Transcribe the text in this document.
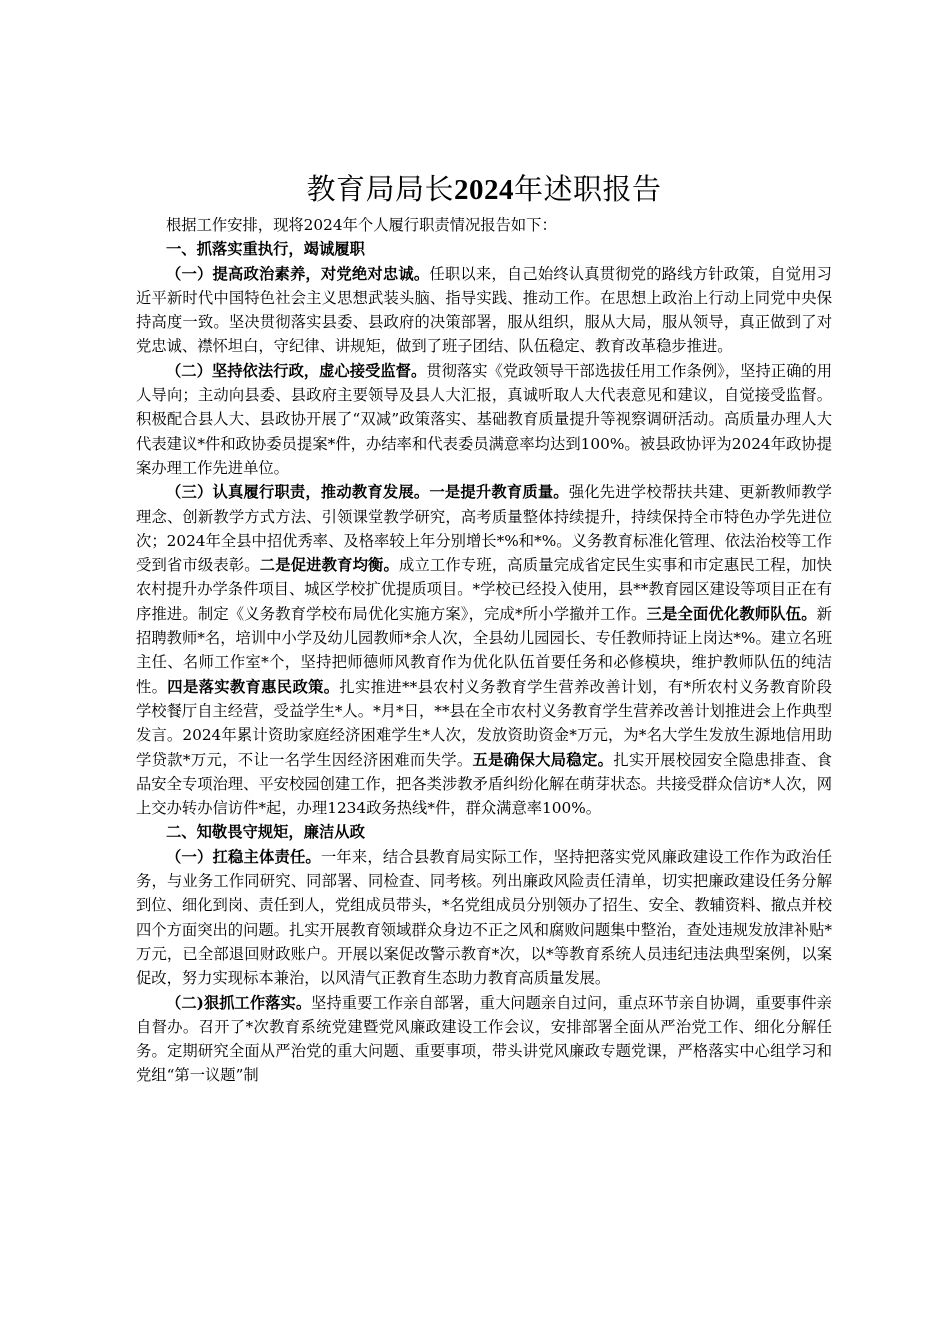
教育局局长2024年述职报告

根据工作安排，现将2024年个人履行职责情况报告如下：

一、抓落实重执行，竭诚履职

（一）提高政治素养，对党绝对忠诚。任职以来，自己始终认真贯彻党的路线方针政策，自觉用习近平新时代中国特色社会主义思想武装头脑、指导实践、推动工作。在思想上政治上行动上同党中央保持高度一致。坚决贯彻落实县委、县政府的决策部署，服从组织，服从大局，服从领导，真正做到了对党忠诚、襟怀坦白，守纪律、讲规矩，做到了班子团结、队伍稳定、教育改革稳步推进。

（二）坚持依法行政，虚心接受监督。贯彻落实《党政领导干部选拔任用工作条例》，坚持正确的用人导向；主动向县委、县政府主要领导及县人大汇报，真诚听取人大代表意见和建议，自觉接受监督。积极配合县人大、县政协开展了“双减”政策落实、基础教育质量提升等视察调研活动。高质量办理人大代表建议*件和政协委员提案*件，办结率和代表委员满意率均达到100%。被县政协评为2024年政协提案办理工作先进单位。

（三）认真履行职责，推动教育发展。一是提升教育质量。强化先进学校帮扶共建、更新教师教学理念、创新教学方式方法、引领课堂教学研究，高考质量整体持续提升，持续保持全市特色办学先进位次；2024年全县中招优秀率、及格率较上年分别增长*%和*%。义务教育标准化管理、依法治校等工作受到省市级表彰。二是促进教育均衡。成立工作专班，高质量完成省定民生实事和市定惠民工程，加快农村提升办学条件项目、城区学校扩优提质项目。*学校已经投入使用，县**教育园区建设等项目正在有序推进。制定《义务教育学校布局优化实施方案》，完成*所小学撤并工作。三是全面优化教师队伍。新招聘教师*名，培训中小学及幼儿园教师*余人次，全县幼儿园园长、专任教师持证上岗达*%。建立名班主任、名师工作室*个，坚持把师德师风教育作为优化队伍首要任务和必修模块，维护教师队伍的纯洁性。四是落实教育惠民政策。扎实推进**县农村义务教育学生营养改善计划，有*所农村义务教育阶段学校餐厅自主经营，受益学生*人。*月*日，**县在全市农村义务教育学生营养改善计划推进会上作典型发言。2024年累计资助家庭经济困难学生*人次，发放资助资金*万元，为*名大学生发放生源地信用助学贷款*万元，不让一名学生因经济困难而失学。五是确保大局稳定。扎实开展校园安全隐患排查、食品安全专项治理、平安校园创建工作，把各类涉教矛盾纠纷化解在萌芽状态。共接受群众信访*人次，网上交办转办信访件*起，办理1234政务热线*件，群众满意率100%。

二、知敬畏守规矩，廉洁从政

（一）扛稳主体责任。一年来，结合县教育局实际工作，坚持把落实党风廉政建设工作作为政治任务，与业务工作同研究、同部署、同检查、同考核。列出廉政风险责任清单，切实把廉政建设任务分解到位、细化到岗、责任到人，党组成员带头，*名党组成员分别领办了招生、安全、教辅资料、撤点并校四个方面突出的问题。扎实开展教育领域群众身边不正之风和腐败问题集中整治，查处违规发放津补贴*万元，已全部退回财政账户。开展以案促改警示教育*次，以*等教育系统人员违纪违法典型案例，以案促改，努力实现标本兼治，以风清气正教育生态助力教育高质量发展。

（二)狠抓工作落实。坚持重要工作亲自部署，重大问题亲自过问，重点环节亲自协调，重要事件亲自督办。召开了*次教育系统党建暨党风廉政建设工作会议，安排部署全面从严治党工作、细化分解任务。定期研究全面从严治党的重大问题、重要事项，带头讲党风廉政专题党课，严格落实中心组学习和党组“第一议题”制
